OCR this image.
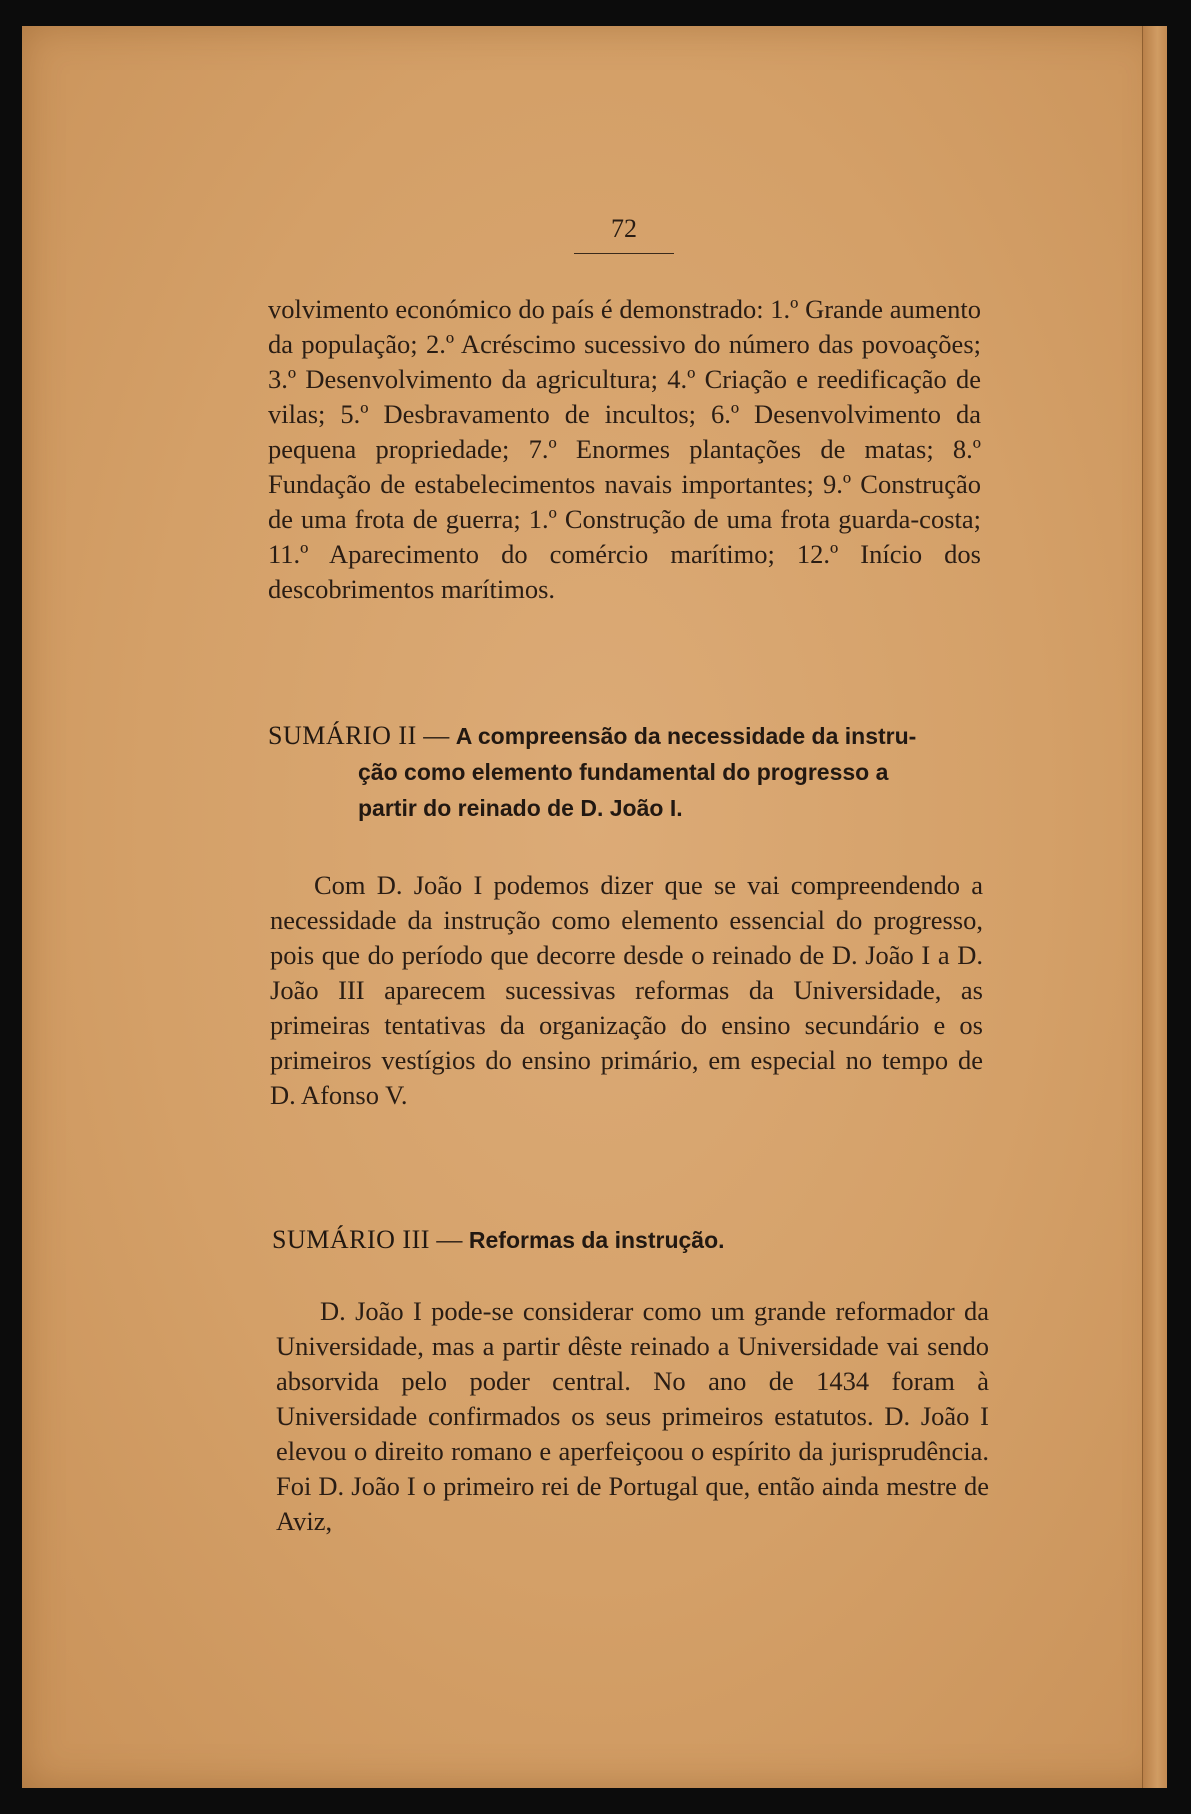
72
volvimento económico do país é demonstrado: 1.º Grande aumento da população; 2.º Acréscimo sucessivo do número das povoações; 3.º Desenvolvimento da agricultura; 4.º Criação e reedificação de vilas; 5.º Desbravamento de incultos; 6.º Desenvolvimento da pequena propriedade; 7.º Enormes plantações de matas; 8.º Fundação de estabelecimentos navais importantes; 9.º Construção de uma frota de guerra; 1.º Construção de uma frota guarda-costa; 11.º Aparecimento do comércio marítimo; 12.º Início dos descobrimentos marítimos.
SUMÁRIO II — A compreensão da necessidade da instru-
ção como elemento fundamental do progresso a
partir do reinado de D. João I.
Com D. João I podemos dizer que se vai compreendendo a necessidade da instrução como elemento essencial do progresso, pois que do período que decorre desde o reinado de D. João I a D. João III aparecem sucessivas reformas da Universidade, as primeiras tentativas da organização do ensino secundário e os primeiros vestígios do ensino primário, em especial no tempo de D. Afonso V.
SUMÁRIO III — Reformas da instrução.
D. João I pode-se considerar como um grande reformador da Universidade, mas a partir dêste reinado a Universidade vai sendo absorvida pelo poder central. No ano de 1434 foram à Universidade confirmados os seus primeiros estatutos. D. João I elevou o direito romano e aperfeiçoou o espírito da jurisprudência. Foi D. João I o primeiro rei de Portugal que, então ainda mestre de Aviz,
